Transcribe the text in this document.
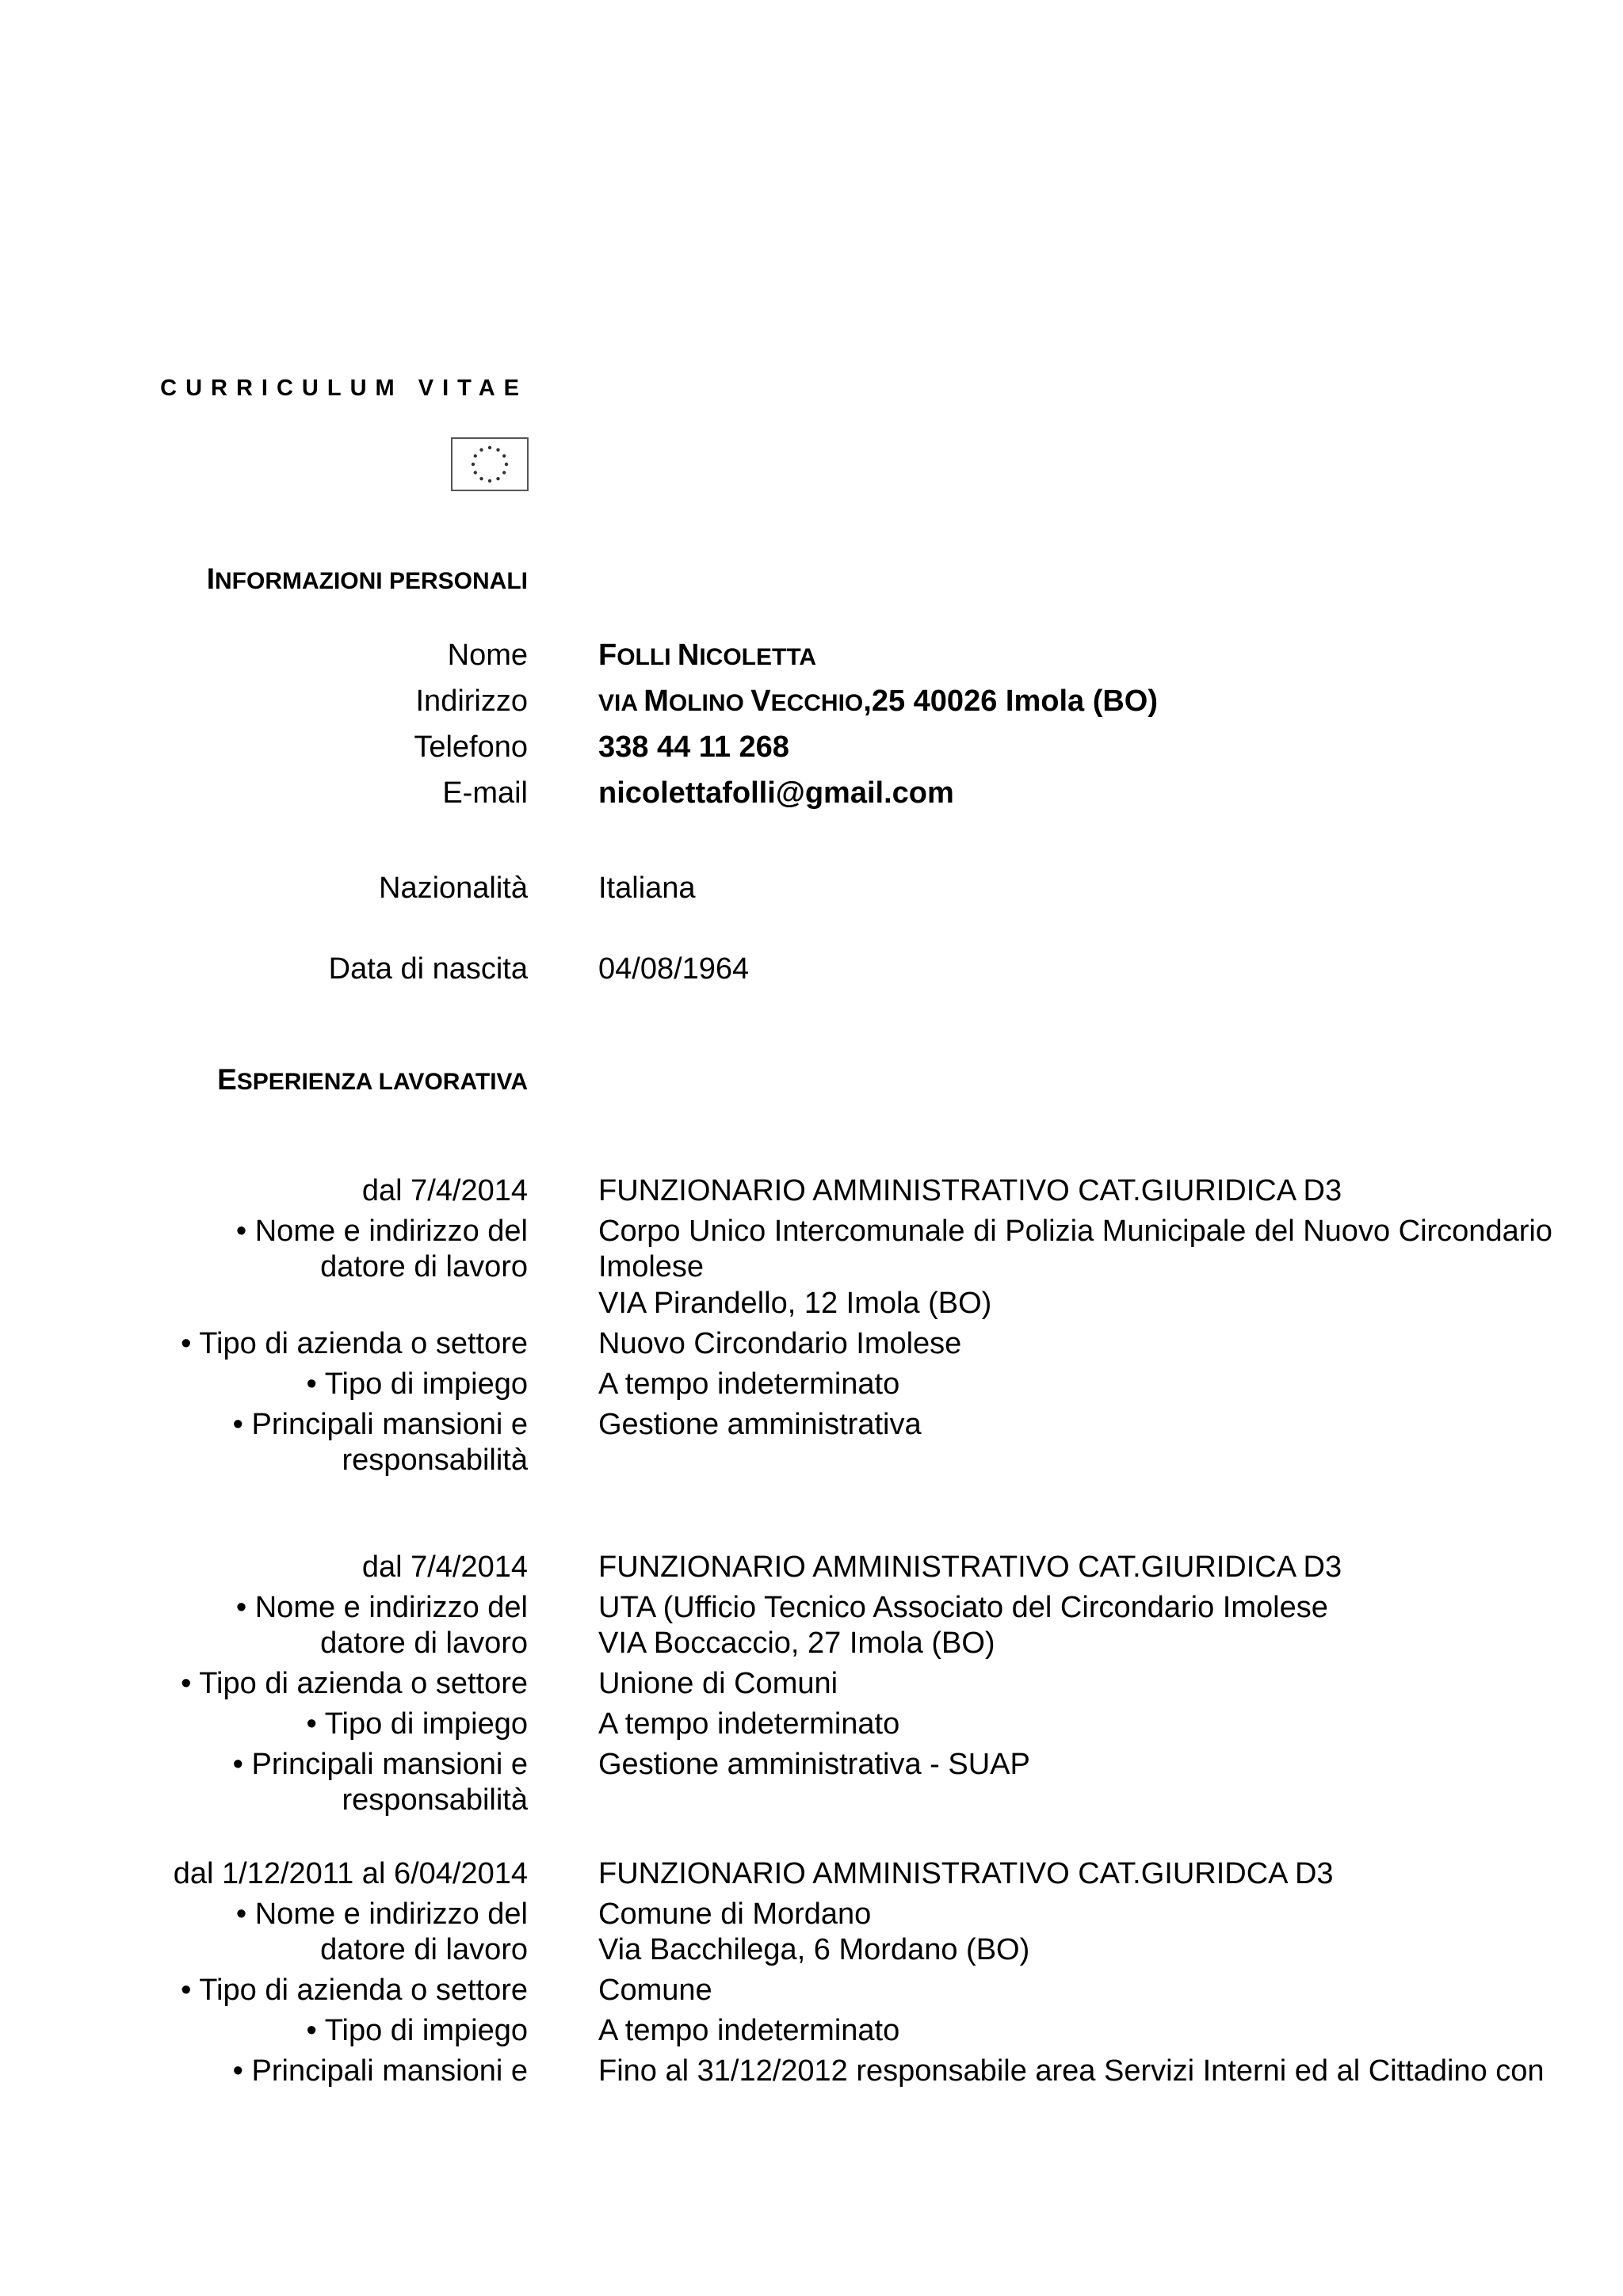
CURRICULUM VITAE
INFORMAZIONI PERSONALI
Nome FOLLI NICOLETTA
Indirizzo	VIA MOLINO VECCHIO,25 40026 Imola (BO)
Telefono 338 44 11 268
E-mail nicolettafolli@gmail.com
Nazionalità Italiana
Data di nascita 04/08/1964
ESPERIENZA LAVORATIVA
dal 7/4/2014 FUNZIONARIO AMMINISTRATIVO CAT.GIURIDICA D3
• Nome e indirizzo del
datore di lavoro
Corpo Unico Intercomunale di Polizia Municipale del Nuovo Circondario
Imolese
VIA Pirandello, 12 Imola (BO)
• Tipo di azienda o settore Nuovo Circondario Imolese
• Tipo di impiego A tempo indeterminato
• Principali mansioni e
responsabilità
Gestione amministrativa
dal 7/4/2014 FUNZIONARIO AMMINISTRATIVO CAT.GIURIDICA D3
• Nome e indirizzo del
datore di lavoro
UTA (Ufficio Tecnico Associato del Circondario Imolese
VIA Boccaccio, 27 Imola (BO)
• Tipo di azienda o settore Unione di Comuni
• Tipo di impiego A tempo indeterminato
• Principali mansioni e
responsabilità
Gestione amministrativa - SUAP
dal 1/12/2011 al 6/04/2014 FUNZIONARIO AMMINISTRATIVO CAT.GIURIDCA D3
• Nome e indirizzo del
datore di lavoro
Comune di Mordano
Via Bacchilega, 6 Mordano (BO)
• Tipo di azienda o settore Comune
• Tipo di impiego A tempo indeterminato
• Principali mansioni e Fino al 31/12/2012 responsabile area Servizi Interni ed al Cittadino con
